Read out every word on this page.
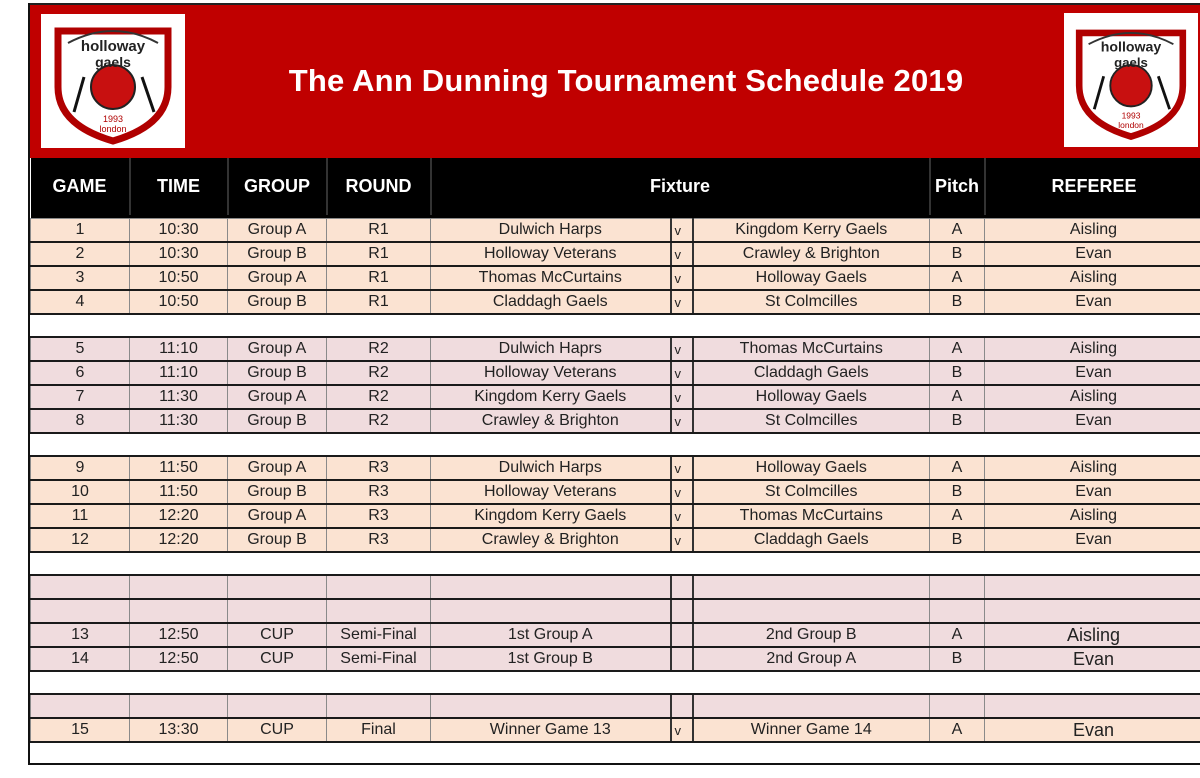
holloway
gaels
1993
london
The Ann Dunning Tournament Schedule 2019
holloway
gaels
1993
london
GAME	TIME	GROUP	ROUND	Fixture			Pitch	REFEREE

1	10:30	Group A	R1	Dulwich Harps	v	Kingdom Kerry Gaels	A	Aisling
2	10:30	Group B	R1	Holloway Veterans	v	Crawley & Brighton	B	Evan
3	10:50	Group A	R1	Thomas McCurtains	v	Holloway Gaels	A	Aisling
4	10:50	Group B	R1	Claddagh Gaels	v	St Colmcilles	B	Evan

5	11:10	Group A	R2	Dulwich Haprs	v	Thomas McCurtains	A	Aisling
6	11:10	Group B	R2	Holloway Veterans	v	Claddagh Gaels	B	Evan
7	11:30	Group A	R2	Kingdom Kerry Gaels	v	Holloway Gaels	A	Aisling
8	11:30	Group B	R2	Crawley & Brighton	v	St Colmcilles	B	Evan

9	11:50	Group A	R3	Dulwich Harps	v	Holloway Gaels	A	Aisling
10	11:50	Group B	R3	Holloway Veterans	v	St Colmcilles	B	Evan
11	12:20	Group A	R3	Kingdom Kerry Gaels	v	Thomas McCurtains	A	Aisling
12	12:20	Group B	R3	Crawley & Brighton	v	Claddagh Gaels	B	Evan

13	12:50	CUP	Semi-Final	1st Group A		2nd Group B	A	Aisling
14	12:50	CUP	Semi-Final	1st Group B		2nd Group A	B	Evan

15	13:30	CUP	Final	Winner Game 13	v	Winner Game 14	A	Evan
